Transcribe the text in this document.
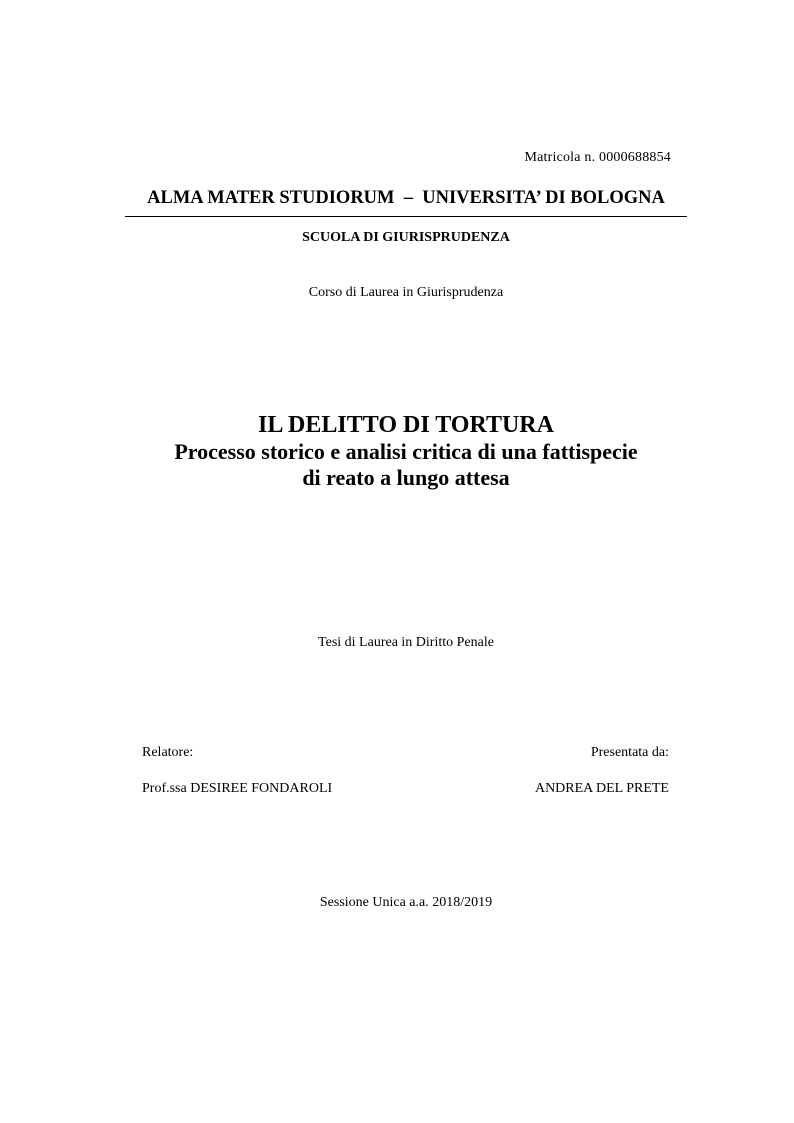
Matricola n. 0000688854
ALMA MATER STUDIORUM  –  UNIVERSITA’ DI BOLOGNA
SCUOLA DI GIURISPRUDENZA
Corso di Laurea in Giurisprudenza
IL DELITTO DI TORTURA
Processo storico e analisi critica di una fattispecie
di reato a lungo attesa
Tesi di Laurea in Diritto Penale
Relatore:	Presentata da:
Prof.ssa DESIREE FONDAROLI	ANDREA DEL PRETE
Sessione Unica a.a. 2018/2019
